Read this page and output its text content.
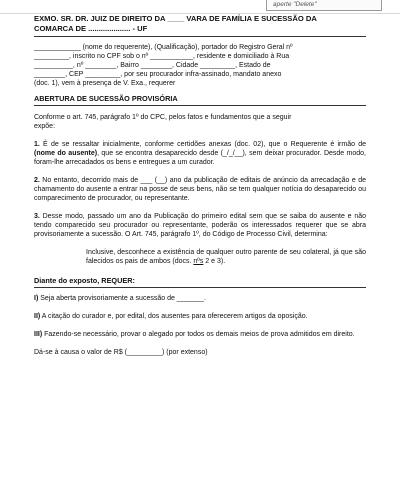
aperte "Delete"
EXMO. SR. DR. JUIZ DE DIREITO DA ____ VARA DE FAMÍLIA E SUCESSÃO DA
COMARCA DE .................... - UF
____________ (nome do requerente), (Qualificação), portador do Registro Geral nº
_________, inscrito no CPF sob o nº ___________, residente e domiciliado à Rua
__________, nº ________, Bairro ________, Cidade _________, Estado de
________, CEP _________, por seu procurador infra-assinado, mandato anexo
(doc. 1), vem à presença de V. Exa., requerer
ABERTURA DE SUCESSÃO PROVISÓRIA
Conforme o art. 745, parágrafo 1º do CPC, pelos fatos e fundamentos que a seguir
expõe:

1. É de se ressaltar inicialmente, conforme certidões anexas (doc. 02), que o Requerente é irmão de (nome do ausente), que se encontra desaparecido desde (_/_/__), sem deixar procurador. Desde modo, foram-lhe arrecadados os bens e entregues a um curador.

2. No entanto, decorrido mais de ___ (__) ano da publicação de editais de anúncio da arrecadação e de chamamento do ausente a entrar na posse de seus bens, não se tem qualquer notícia do desaparecido ou comparecimento de procurador, ou representante.

3. Desse modo, passado um ano da Publicação do primeiro edital sem que se saiba do ausente e não tendo comparecido seu procurador ou representante, poderão os interessados requerer que se abra provisoriamente a sucessão. O Art. 745, parágrafo 1º, do Código de Processo Civil, determina:

Inclusive, desconhece a existência de qualquer outro parente de seu colateral, já que são falecidos os pais de ambos (docs. nºs 2 e 3).

Diante do exposto, REQUER:

I) Seja aberta provisoriamente a sucessão de _______.

II) A citação do curador e, por edital, dos ausentes para oferecerem artigos da oposição.

III) Fazendo-se necessário, provar o alegado por todos os demais meios de prova admitidos em direito.

Dá-se à causa o valor de R$ (_________) (por extenso)
